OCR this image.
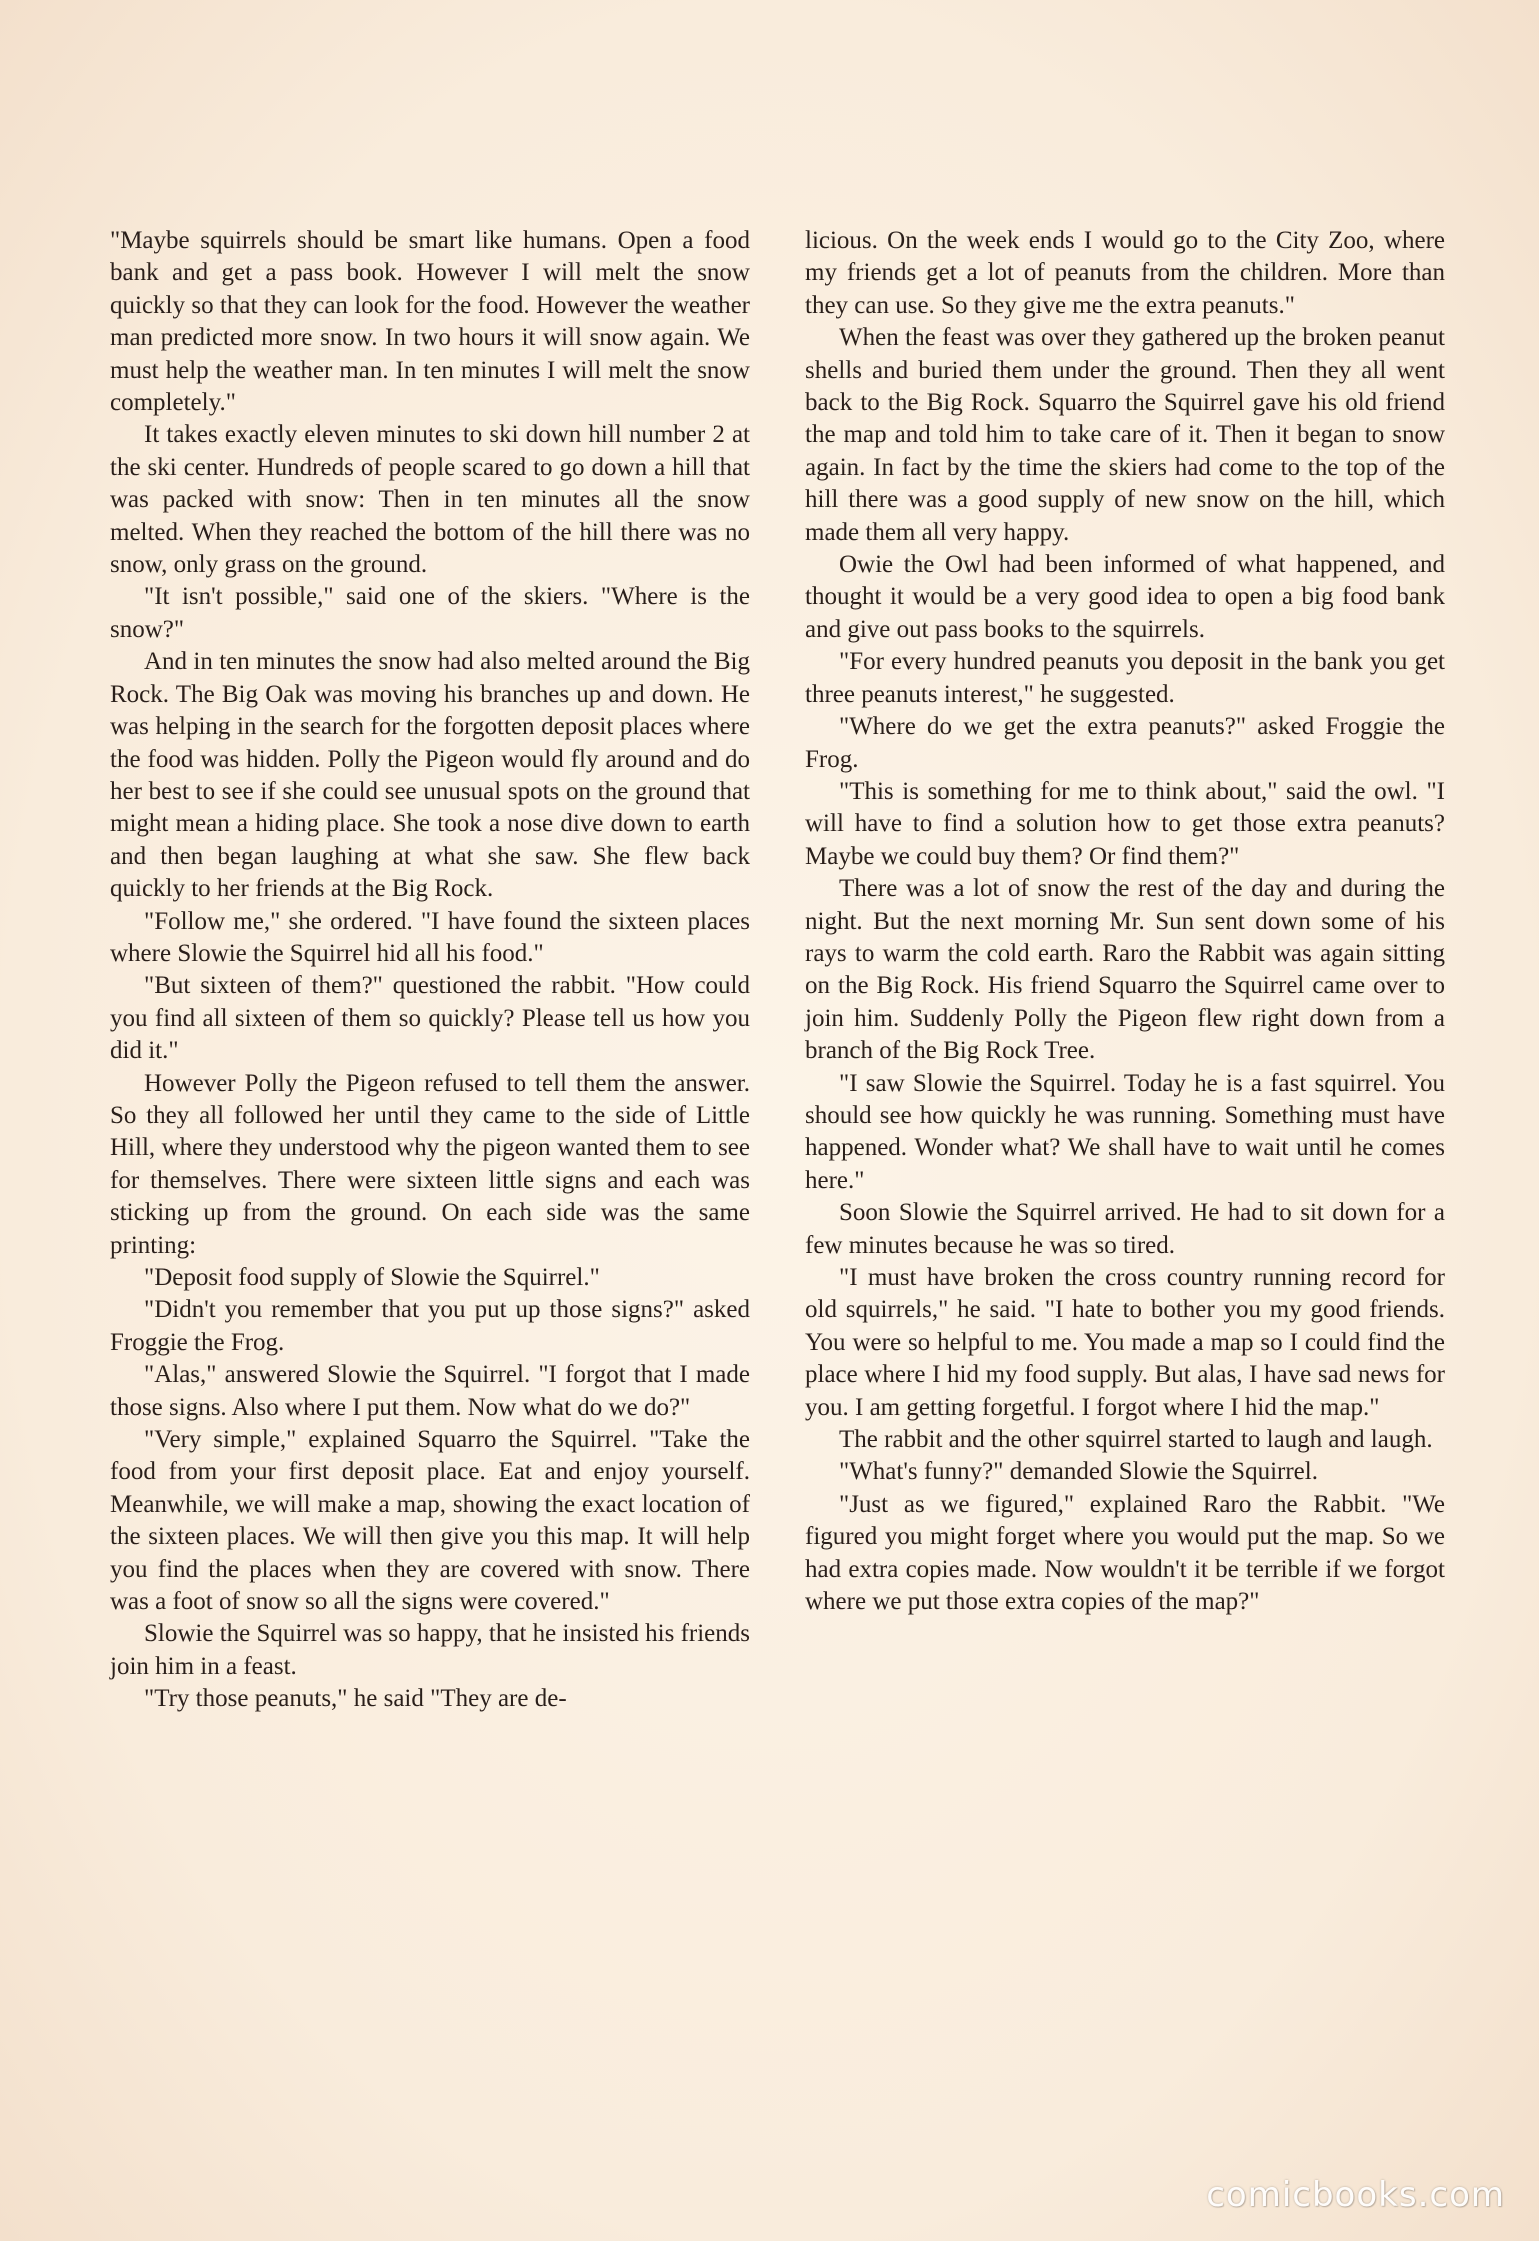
"Maybe squirrels should be smart like humans. Open a food bank and get a pass book. However I will melt the snow quickly so that they can look for the food. However the weather man predicted more snow. In two hours it will snow again. We must help the weather man. In ten minutes I will melt the snow completely."

It takes exactly eleven minutes to ski down hill number 2 at the ski center. Hundreds of people scared to go down a hill that was packed with snow: Then in ten minutes all the snow melted. When they reached the bottom of the hill there was no snow, only grass on the ground.

"It isn't possible," said one of the skiers. "Where is the snow?"

And in ten minutes the snow had also melted around the Big Rock. The Big Oak was moving his branches up and down. He was helping in the search for the forgotten deposit places where the food was hidden. Polly the Pigeon would fly around and do her best to see if she could see unusual spots on the ground that might mean a hiding place. She took a nose dive down to earth and then began laughing at what she saw. She flew back quickly to her friends at the Big Rock.

"Follow me," she ordered. "I have found the sixteen places where Slowie the Squirrel hid all his food."

"But sixteen of them?" questioned the rabbit. "How could you find all sixteen of them so quickly? Please tell us how you did it."

However Polly the Pigeon refused to tell them the answer. So they all followed her until they came to the side of Little Hill, where they understood why the pigeon wanted them to see for themselves. There were sixteen little signs and each was sticking up from the ground. On each side was the same printing:

"Deposit food supply of Slowie the Squirrel."

"Didn't you remember that you put up those signs?" asked Froggie the Frog.

"Alas," answered Slowie the Squirrel. "I forgot that I made those signs. Also where I put them. Now what do we do?"

"Very simple," explained Squarro the Squirrel. "Take the food from your first deposit place. Eat and enjoy yourself. Meanwhile, we will make a map, showing the exact location of the sixteen places. We will then give you this map. It will help you find the places when they are covered with snow. There was a foot of snow so all the signs were covered."

Slowie the Squirrel was so happy, that he insisted his friends join him in a feast.

"Try those peanuts," he said "They are de-

licious. On the week ends I would go to the City Zoo, where my friends get a lot of peanuts from the children. More than they can use. So they give me the extra peanuts."

When the feast was over they gathered up the broken peanut shells and buried them under the ground. Then they all went back to the Big Rock. Squarro the Squirrel gave his old friend the map and told him to take care of it. Then it began to snow again. In fact by the time the skiers had come to the top of the hill there was a good supply of new snow on the hill, which made them all very happy.

Owie the Owl had been informed of what happened, and thought it would be a very good idea to open a big food bank and give out pass books to the squirrels.

"For every hundred peanuts you deposit in the bank you get three peanuts interest," he suggested.

"Where do we get the extra peanuts?" asked Froggie the Frog.

"This is something for me to think about," said the owl. "I will have to find a solution how to get those extra peanuts? Maybe we could buy them? Or find them?"

There was a lot of snow the rest of the day and during the night. But the next morning Mr. Sun sent down some of his rays to warm the cold earth. Raro the Rabbit was again sitting on the Big Rock. His friend Squarro the Squirrel came over to join him. Suddenly Polly the Pigeon flew right down from a branch of the Big Rock Tree.

"I saw Slowie the Squirrel. Today he is a fast squirrel. You should see how quickly he was running. Something must have happened. Wonder what? We shall have to wait until he comes here."

Soon Slowie the Squirrel arrived. He had to sit down for a few minutes because he was so tired.

"I must have broken the cross country running record for old squirrels," he said. "I hate to bother you my good friends. You were so helpful to me. You made a map so I could find the place where I hid my food supply. But alas, I have sad news for you. I am getting forgetful. I forgot where I hid the map."

The rabbit and the other squirrel started to laugh and laugh.

"What's funny?" demanded Slowie the Squirrel.

"Just as we figured," explained Raro the Rabbit. "We figured you might forget where you would put the map. So we had extra copies made. Now wouldn't it be terrible if we forgot where we put those extra copies of the map?"

comicbooks.com
